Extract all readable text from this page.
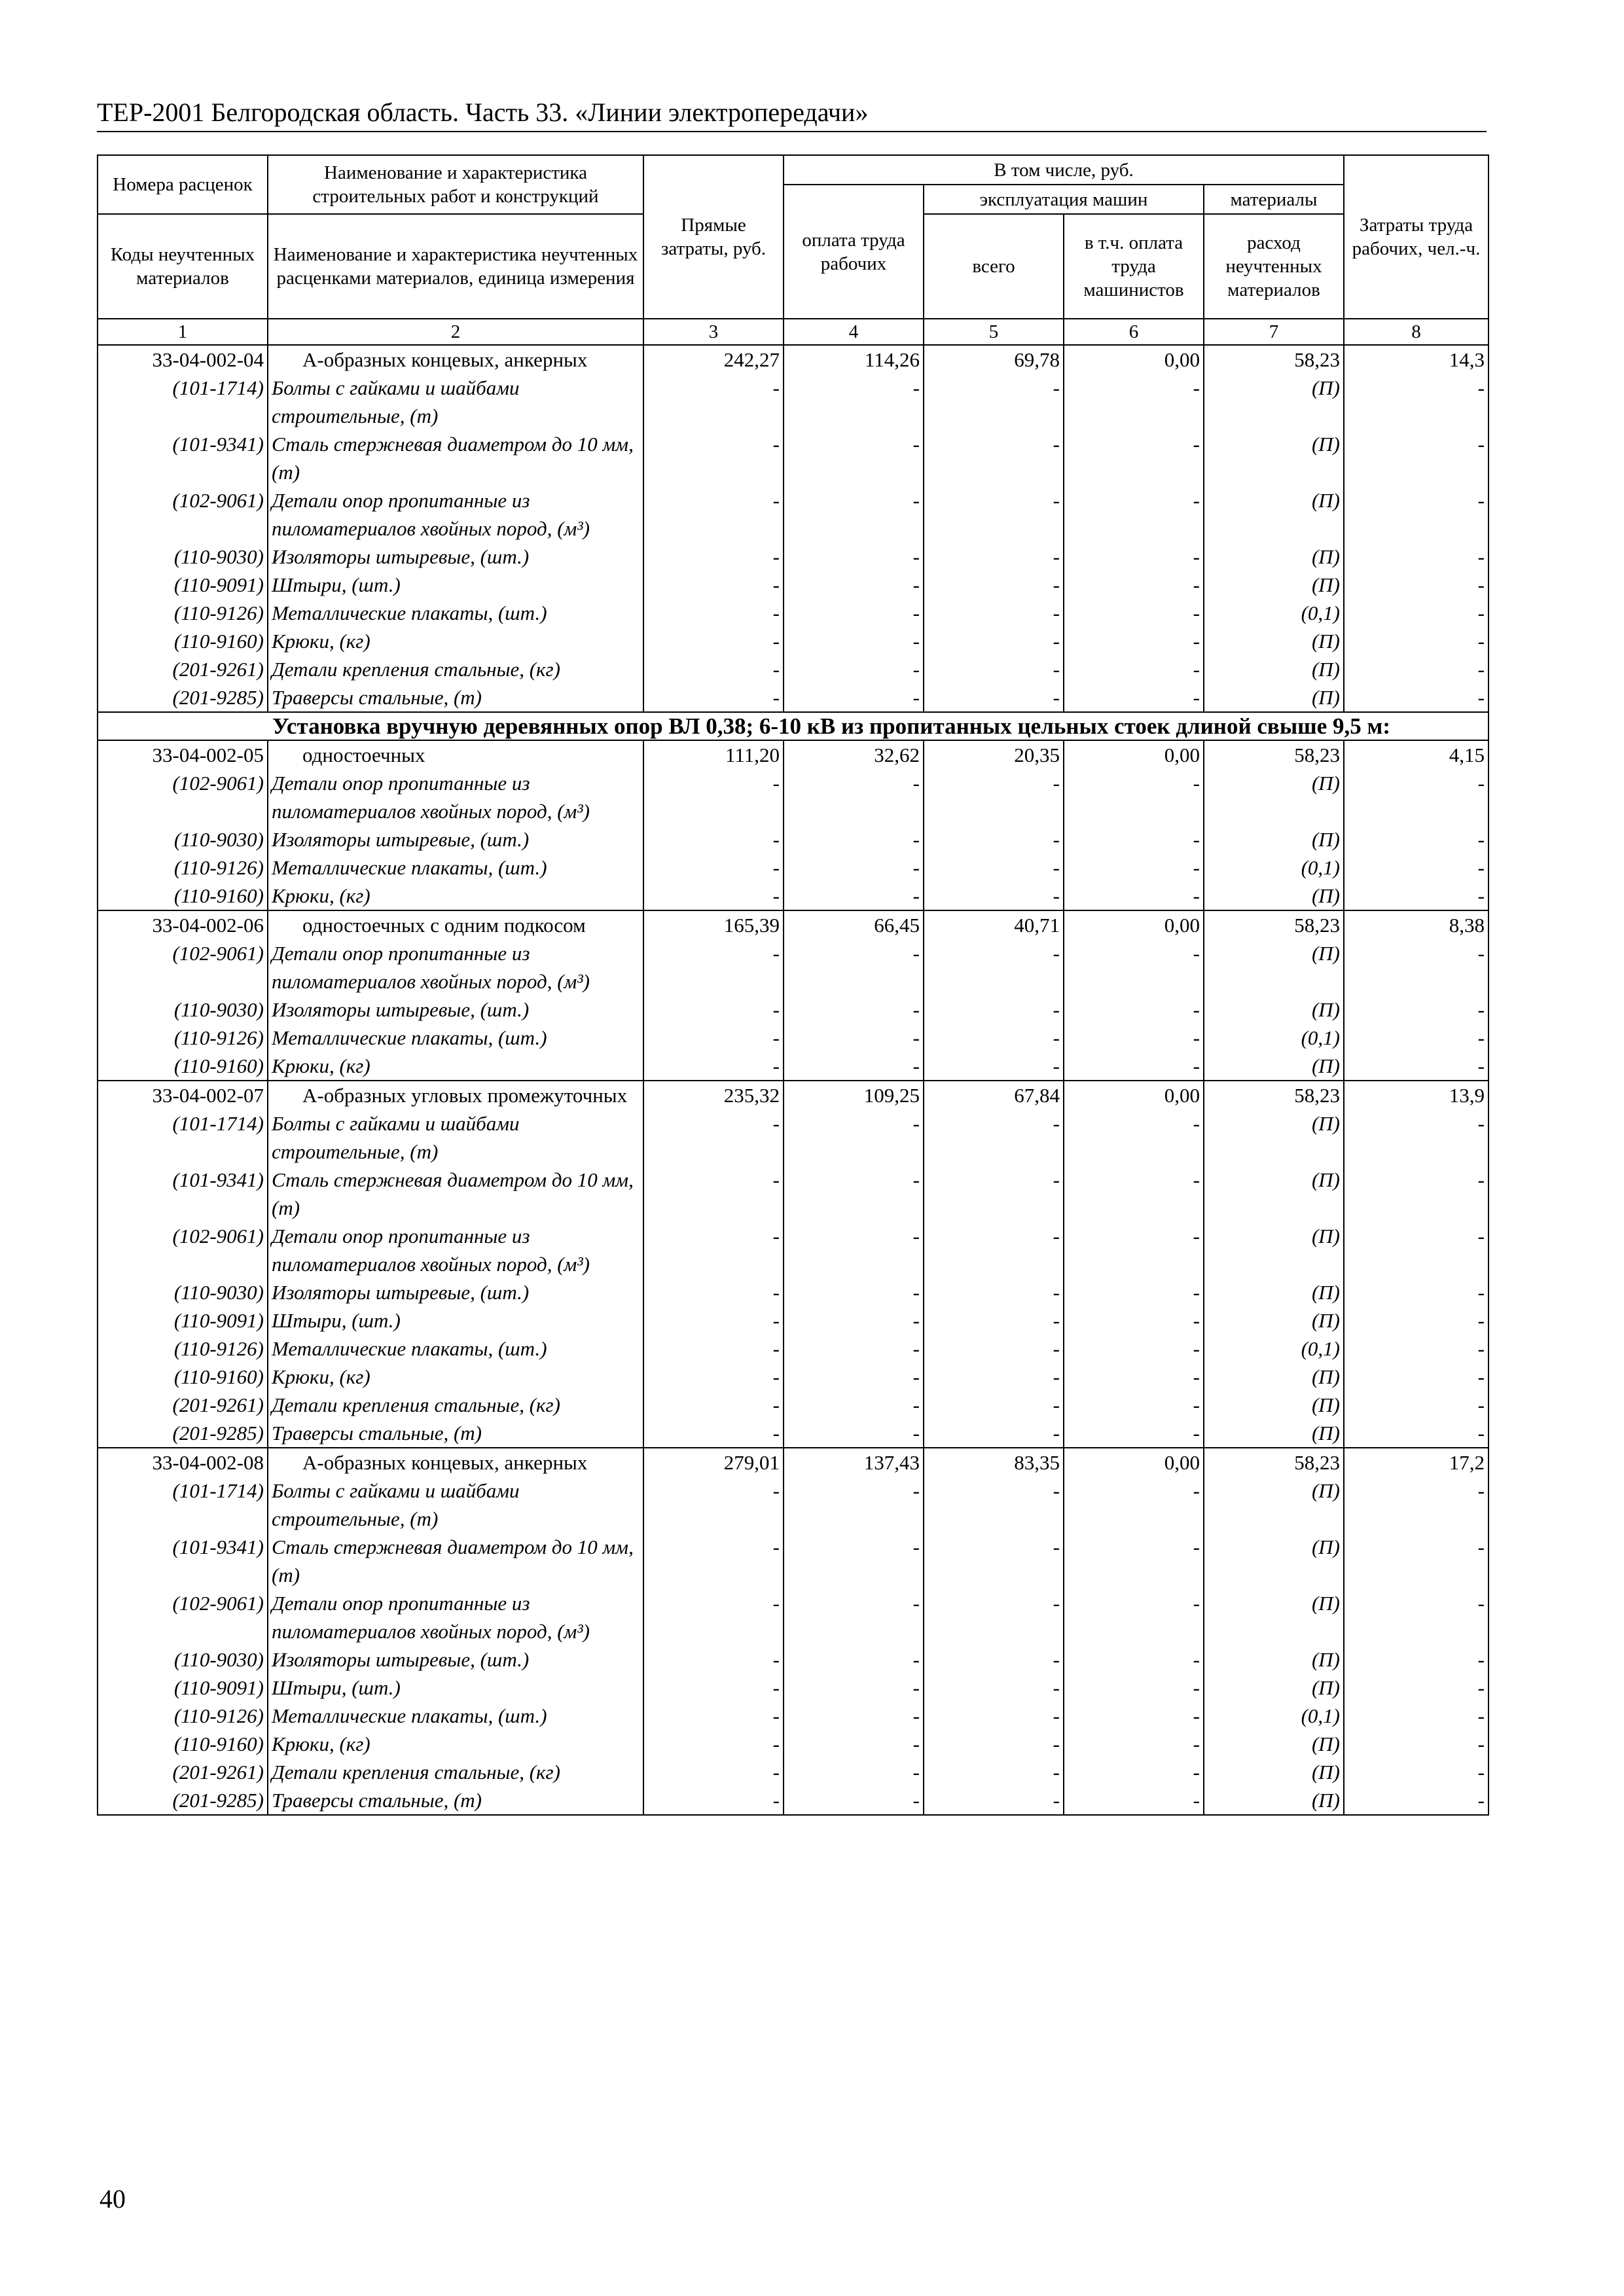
ТЕР-2001 Белгородская область. Часть 33. «Линии электропередачи»
Номера расценок	Наименование и характеристика строительных работ и конструкций	Прямые затраты, руб.	В том числе, руб.				Затраты труда рабочих, чел.-ч.
			оплата труда рабочих	эксплуатация машин		материалы	
Коды неучтенных материалов	Наименование и характеристика неучтенных расценками материалов, единица измерения			всего	в т.ч. оплата труда машинистов	расход неучтенных материалов	

1	2	3	4	5	6	7	8
33-04-002-04	А-образных концевых, анкерных	242,27	114,26	69,78	0,00	58,23	14,3
(101-1714)	Болты с гайками и шайбами строительные, (т)	-	-	-	-	(П)	-
(101-9341)	Сталь стержневая диаметром до 10 мм, (т)	-	-	-	-	(П)	-
(102-9061)	Детали опор пропитанные из пиломатериалов хвойных пород, (м³)	-	-	-	-	(П)	-
(110-9030)	Изоляторы штыревые, (шт.)	-	-	-	-	(П)	-
(110-9091)	Штыри, (шт.)	-	-	-	-	(П)	-
(110-9126)	Металлические плакаты, (шт.)	-	-	-	-	(0,1)	-
(110-9160)	Крюки, (кг)	-	-	-	-	(П)	-
(201-9261)	Детали крепления стальные, (кг)	-	-	-	-	(П)	-
(201-9285)	Траверсы стальные, (т)	-	-	-	-	(П)	-
Установка вручную деревянных опор ВЛ 0,38; 6-10 кВ из пропитанных цельных стоек длиной свыше 9,5 м:							
33-04-002-05	одностоечных	111,20	32,62	20,35	0,00	58,23	4,15
(102-9061)	Детали опор пропитанные из пиломатериалов хвойных пород, (м³)	-	-	-	-	(П)	-
(110-9030)	Изоляторы штыревые, (шт.)	-	-	-	-	(П)	-
(110-9126)	Металлические плакаты, (шт.)	-	-	-	-	(0,1)	-
(110-9160)	Крюки, (кг)	-	-	-	-	(П)	-
33-04-002-06	одностоечных с одним подкосом	165,39	66,45	40,71	0,00	58,23	8,38
(102-9061)	Детали опор пропитанные из пиломатериалов хвойных пород, (м³)	-	-	-	-	(П)	-
(110-9030)	Изоляторы штыревые, (шт.)	-	-	-	-	(П)	-
(110-9126)	Металлические плакаты, (шт.)	-	-	-	-	(0,1)	-
(110-9160)	Крюки, (кг)	-	-	-	-	(П)	-
33-04-002-07	А-образных угловых промежуточных	235,32	109,25	67,84	0,00	58,23	13,9
(101-1714)	Болты с гайками и шайбами строительные, (т)	-	-	-	-	(П)	-
(101-9341)	Сталь стержневая диаметром до 10 мм, (т)	-	-	-	-	(П)	-
(102-9061)	Детали опор пропитанные из пиломатериалов хвойных пород, (м³)	-	-	-	-	(П)	-
(110-9030)	Изоляторы штыревые, (шт.)	-	-	-	-	(П)	-
(110-9091)	Штыри, (шт.)	-	-	-	-	(П)	-
(110-9126)	Металлические плакаты, (шт.)	-	-	-	-	(0,1)	-
(110-9160)	Крюки, (кг)	-	-	-	-	(П)	-
(201-9261)	Детали крепления стальные, (кг)	-	-	-	-	(П)	-
(201-9285)	Траверсы стальные, (т)	-	-	-	-	(П)	-
33-04-002-08	А-образных концевых, анкерных	279,01	137,43	83,35	0,00	58,23	17,2
(101-1714)	Болты с гайками и шайбами строительные, (т)	-	-	-	-	(П)	-
(101-9341)	Сталь стержневая диаметром до 10 мм, (т)	-	-	-	-	(П)	-
(102-9061)	Детали опор пропитанные из пиломатериалов хвойных пород, (м³)	-	-	-	-	(П)	-
(110-9030)	Изоляторы штыревые, (шт.)	-	-	-	-	(П)	-
(110-9091)	Штыри, (шт.)	-	-	-	-	(П)	-
(110-9126)	Металлические плакаты, (шт.)	-	-	-	-	(0,1)	-
(110-9160)	Крюки, (кг)	-	-	-	-	(П)	-
(201-9261)	Детали крепления стальные, (кг)	-	-	-	-	(П)	-
(201-9285)	Траверсы стальные, (т)	-	-	-	-	(П)	-
40
